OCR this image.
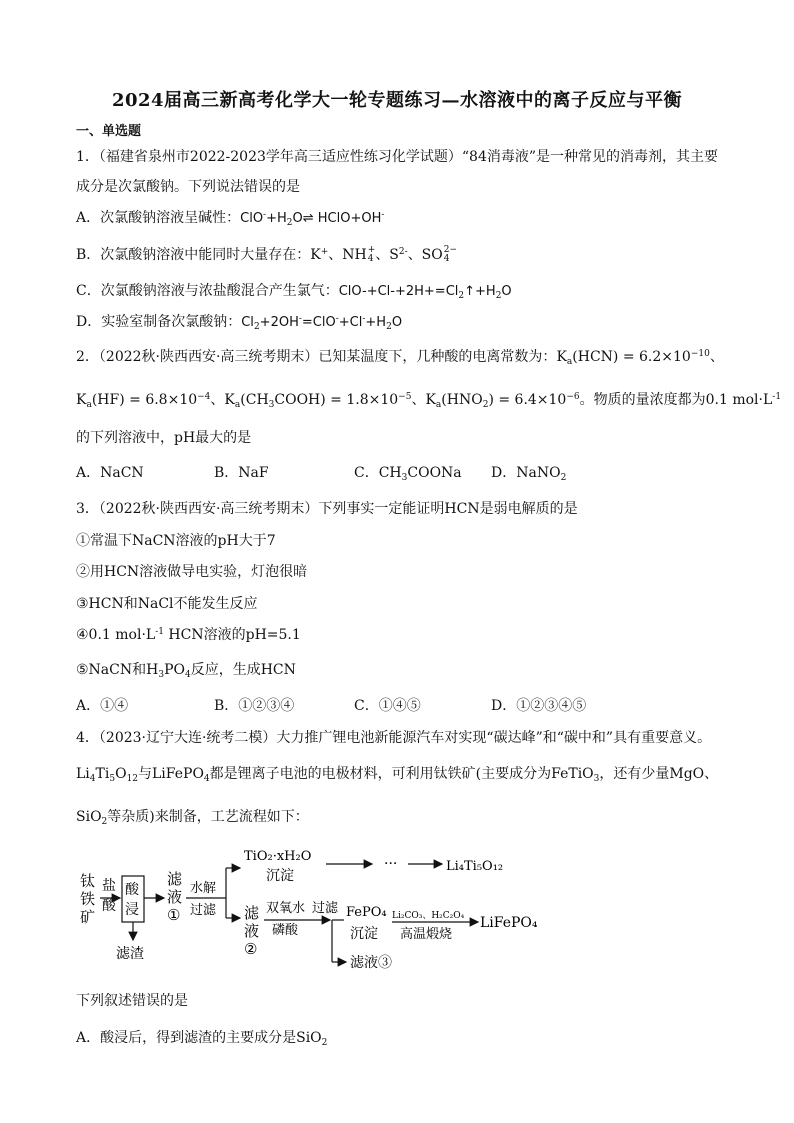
2024届高三新高考化学大一轮专题练习—水溶液中的离子反应与平衡
一、单选题
1．（福建省泉州市2022-2023学年高三适应性练习化学试题）“84消毒液”是一种常见的消毒剂，其主要
成分是次氯酸钠。下列说法错误的是
A．次氯酸钠溶液呈碱性：$ClO^-+H_2O\rightleftharpoons$ HClO+OH-
B．次氯酸钠溶液中能同时大量存在：K+、NH +
4 、$S^{2-}$、SO 2−
4
C．次氯酸钠溶液与浓盐酸混合产生氯气：ClO-$+Cl-+2H+=Cl_2↑+H_2O$
D．实验室制备次氯酸钠：$Cl_2+2OH^-=ClO^-+Cl^-+H_2O$
2．（2022秋·陕西西安·高三统考期末）已知某温度下，几种酸的电离常数为：$K_a(HCN) = 6.2\times 10^{-10}$、
$K_a(HF) = 6.8\times 10^{-4}$、$K_a(CH_3COOH) = 1.8\times 10^{-5}$、$K_a(HNO_2) = 6.4\times 10^{-6}$。物质的量浓度都为0.1 $mol\cdot L^{-1}$
的下列溶液中，pH最大的是
A．NaCN	B．NaF	C．$CH_3COONa$ D．NaNO$_2$
3．（2022秋·陕西西安·高三统考期末）下列事实一定能证明HCN是弱电解质的是
①常温下NaCN溶液的pH大于7
②用HCN溶液做导电实验，灯泡很暗
③HCN和NaCl不能发生反应
④0.1 $mol\cdot L^{-1}$ HCN溶液的pH=5.1
⑤NaCN和$H_3PO_4$反应，生成HCN
A．①④	B．①②③④	C．①④⑤	D．①②③④⑤
4．（2023·辽宁大连·统考二模）大力推广锂电池新能源汽车对实现“碳达峰”和“碳中和”具有重要意义。
$Li_4Ti_5O_{12}$与LiFePO$_4$都是锂离子电池的电极材料，可利用钛铁矿(主要成分为FeTiO$_3$，还有少量MgO、
SiO$_2$等杂质)来制备，工艺流程如下：
钛
铁
矿
盐
酸
酸
浸
滤渣
滤
液
①
水解
过滤
TiO₂·xH₂O
沉淀
···	Li₄Ti₅O₁₂
滤
液
②
双氧水
磷酸
过滤
滤液③
FePO₄
沉淀
Li₂CO₃、H₂C₂O₄
高温煅烧
LiFePO₄
下列叙述错误的是
A．酸浸后，得到滤渣的主要成分是SiO$_2$
